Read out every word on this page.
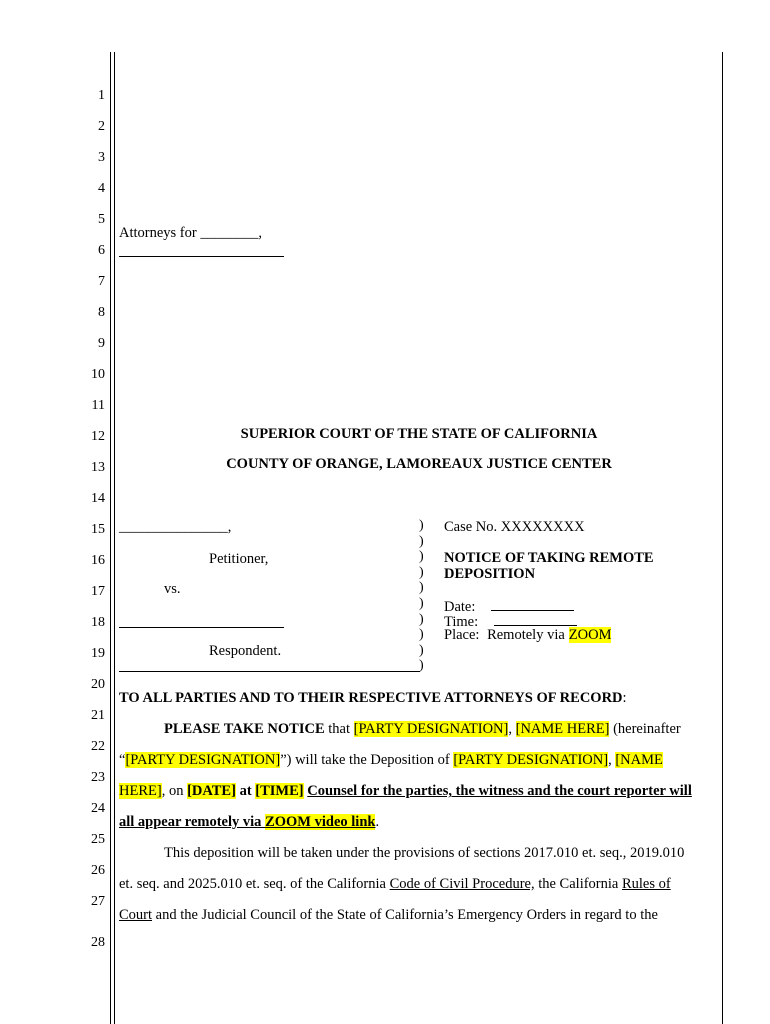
1
2
3
4
5
6
7
8
9
10
11
12
13
14
15
16
17
18
19
20
21
22
23
24
25
26
27
28
Attorneys for ________,
SUPERIOR COURT OF THE STATE OF CALIFORNIA
COUNTY OF ORANGE, LAMOREAUX JUSTICE CENTER
_______________,
Petitioner,
vs.
Respondent.
)
)
)
)
)
)
)
)
)
)
Case No. XXXXXXXX
NOTICE OF TAKING REMOTE
DEPOSITION
Date:
Time:
Place: Remotely via ZOOM
TO ALL PARTIES AND TO THEIR RESPECTIVE ATTORNEYS OF RECORD:
PLEASE TAKE NOTICE that [PARTY DESIGNATION], [NAME HERE] (hereinafter
“[PARTY DESIGNATION]”) will take the Deposition of [PARTY DESIGNATION], [NAME
HERE], on [DATE] at [TIME] Counsel for the parties, the witness and the court reporter will
all appear remotely via ZOOM video link.
This deposition will be taken under the provisions of sections 2017.010 et. seq., 2019.010
et. seq. and 2025.010 et. seq. of the California Code of Civil Procedure, the California Rules of
Court and the Judicial Council of the State of California’s Emergency Orders in regard to the
